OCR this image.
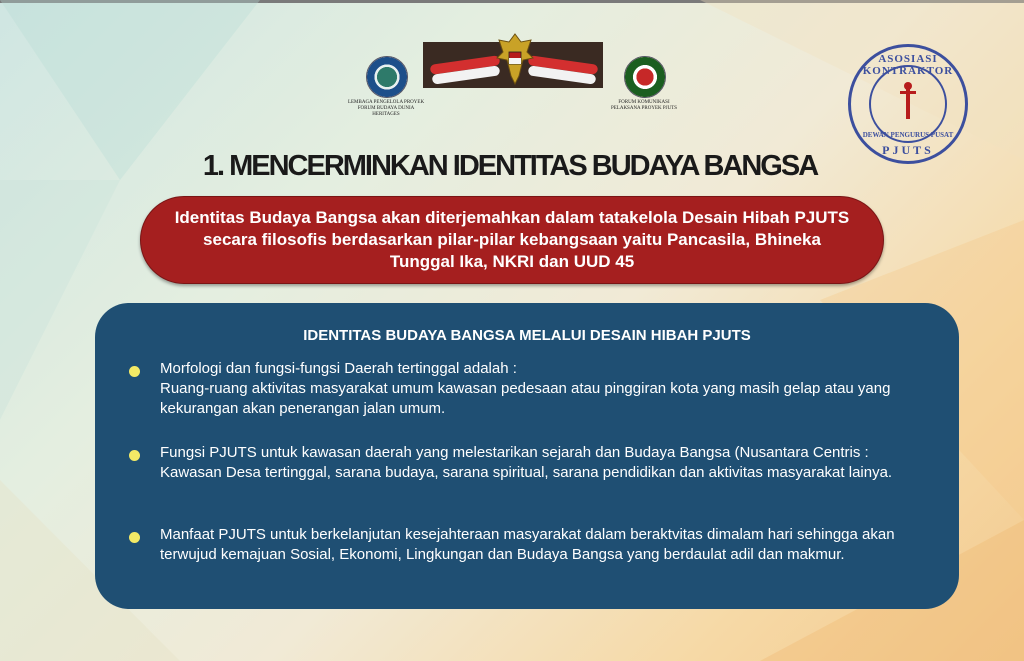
LEMBAGA PENGELOLA PROYEK FORUM BUDAYA DUNIA HERITAGES
FORUM KOMUNIKASI PELAKSANA PROYEK PJUTS
ASOSIASI KONTRAKTOR
DEWAN PENGURUS PUSAT
PJUTS
1. MENCERMINKAN IDENTITAS BUDAYA BANGSA
Identitas Budaya Bangsa akan diterjemahkan dalam tatakelola Desain Hibah PJUTS secara filosofis berdasarkan pilar-pilar kebangsaan yaitu Pancasila, Bhineka Tunggal Ika, NKRI dan UUD 45
IDENTITAS BUDAYA BANGSA MELALUI DESAIN HIBAH PJUTS
Morfologi dan fungsi-fungsi Daerah tertinggal adalah :
Ruang-ruang aktivitas masyarakat umum kawasan pedesaan atau pinggiran kota yang masih gelap atau yang kekurangan akan penerangan jalan umum.
Fungsi PJUTS untuk kawasan daerah yang melestarikan sejarah dan Budaya Bangsa (Nusantara Centris : Kawasan Desa tertinggal, sarana budaya, sarana spiritual, sarana pendidikan dan aktivitas masyarakat lainya.
Manfaat PJUTS untuk berkelanjutan kesejahteraan masyarakat dalam beraktvitas dimalam hari sehingga akan terwujud kemajuan Sosial, Ekonomi, Lingkungan dan Budaya Bangsa yang berdaulat adil dan makmur.
